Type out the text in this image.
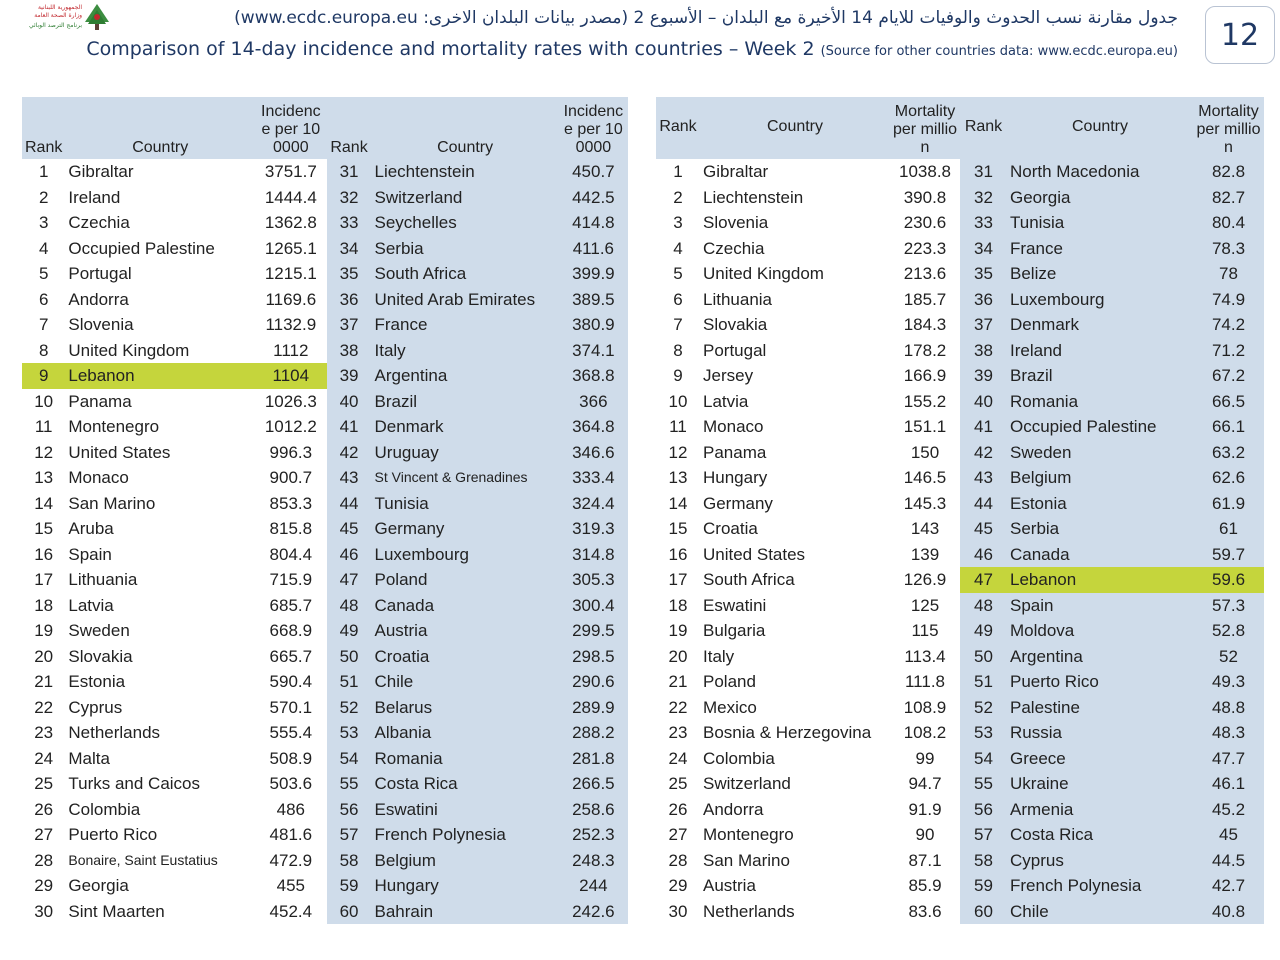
الجمهورية اللبنانية
وزارة الصحة العامة
برنامج الترصد الوبائي	جدول مقارنة نسب الحدوث والوفيات للايام 14 الأخيرة مع البلدان – الأسبوع 2 (مصدر بيانات البلدان الاخرى: www.ecdc.europa.eu)
Comparison of 14-day incidence and mortality rates with countries – Week 2 (Source for other countries data: www.ecdc.europa.eu)	12
Rank	Country	Incidence per 100000	Rank	Country	Incidence per 100000
1	Gibraltar	3751.7	31	Liechtenstein	450.7
2	Ireland	1444.4	32	Switzerland	442.5
3	Czechia	1362.8	33	Seychelles	414.8
4	Occupied Palestine	1265.1	34	Serbia	411.6
5	Portugal	1215.1	35	South Africa	399.9
6	Andorra	1169.6	36	United Arab Emirates	389.5
7	Slovenia	1132.9	37	France	380.9
8	United Kingdom	1112	38	Italy	374.1
9	Lebanon	1104	39	Argentina	368.8
10	Panama	1026.3	40	Brazil	366
11	Montenegro	1012.2	41	Denmark	364.8
12	United States	996.3	42	Uruguay	346.6
13	Monaco	900.7	43	St Vincent & Grenadines	333.4
14	San Marino	853.3	44	Tunisia	324.4
15	Aruba	815.8	45	Germany	319.3
16	Spain	804.4	46	Luxembourg	314.8
17	Lithuania	715.9	47	Poland	305.3
18	Latvia	685.7	48	Canada	300.4
19	Sweden	668.9	49	Austria	299.5
20	Slovakia	665.7	50	Croatia	298.5
21	Estonia	590.4	51	Chile	290.6
22	Cyprus	570.1	52	Belarus	289.9
23	Netherlands	555.4	53	Albania	288.2
24	Malta	508.9	54	Romania	281.8
25	Turks and Caicos	503.6	55	Costa Rica	266.5
26	Colombia	486	56	Eswatini	258.6
27	Puerto Rico	481.6	57	French Polynesia	252.3
28	Bonaire, Saint Eustatius	472.9	58	Belgium	248.3
29	Georgia	455	59	Hungary	244
30	Sint Maarten	452.4	60	Bahrain	242.6
Rank	Country	Mortality per million	Rank	Country	Mortality per million
1	Gibraltar	1038.8	31	North Macedonia	82.8
2	Liechtenstein	390.8	32	Georgia	82.7
3	Slovenia	230.6	33	Tunisia	80.4
4	Czechia	223.3	34	France	78.3
5	United Kingdom	213.6	35	Belize	78
6	Lithuania	185.7	36	Luxembourg	74.9
7	Slovakia	184.3	37	Denmark	74.2
8	Portugal	178.2	38	Ireland	71.2
9	Jersey	166.9	39	Brazil	67.2
10	Latvia	155.2	40	Romania	66.5
11	Monaco	151.1	41	Occupied Palestine	66.1
12	Panama	150	42	Sweden	63.2
13	Hungary	146.5	43	Belgium	62.6
14	Germany	145.3	44	Estonia	61.9
15	Croatia	143	45	Serbia	61
16	United States	139	46	Canada	59.7
17	South Africa	126.9	47	Lebanon	59.6
18	Eswatini	125	48	Spain	57.3
19	Bulgaria	115	49	Moldova	52.8
20	Italy	113.4	50	Argentina	52
21	Poland	111.8	51	Puerto Rico	49.3
22	Mexico	108.9	52	Palestine	48.8
23	Bosnia & Herzegovina	108.2	53	Russia	48.3
24	Colombia	99	54	Greece	47.7
25	Switzerland	94.7	55	Ukraine	46.1
26	Andorra	91.9	56	Armenia	45.2
27	Montenegro	90	57	Costa Rica	45
28	San Marino	87.1	58	Cyprus	44.5
29	Austria	85.9	59	French Polynesia	42.7
30	Netherlands	83.6	60	Chile	40.8
